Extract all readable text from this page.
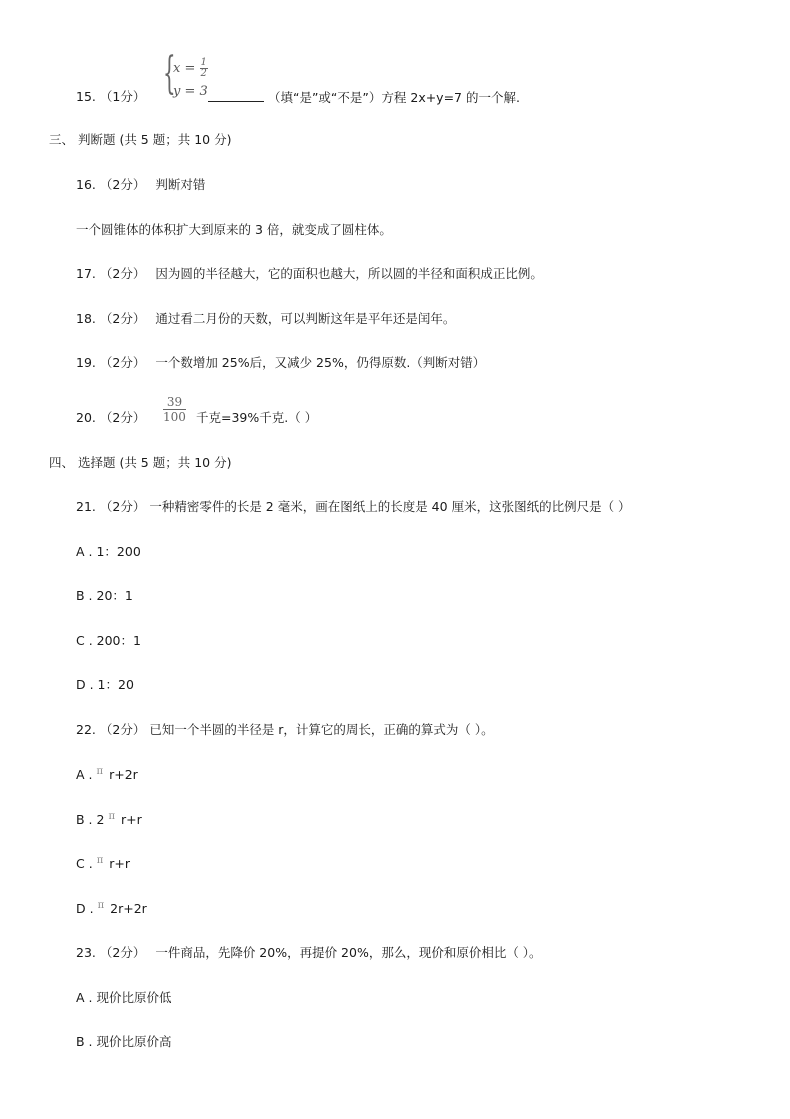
15. （1分） {
$x = \frac{1}{2}$
y = 3	（填“是”或“不是”）方程 2x+y=7 的一个解.
三、 判断题 (共 5 题；共 10 分)
16. （2分） 判断对错
一个圆锥体的体积扩大到原来的 3 倍，就变成了圆柱体。
17. （2分） 因为圆的半径越大，它的面积也越大，所以圆的半径和面积成正比例。
18. （2分） 通过看二月份的天数，可以判断这年是平年还是闰年。
19. （2分） 一个数增加 25%后，又减少 25%，仍得原数.（判断对错）
20. （2分）
39
100 千克=39%千克.（ ）
四、 选择题 (共 5 题；共 10 分)
21. （2分） 一种精密零件的长是 2 毫米，画在图纸上的长度是 40 厘米，这张图纸的比例尺是（ ）
A . 1：200
B . 20：1
C . 200：1
D . 1：20
22. （2分） 已知一个半圆的半径是 r，计算它的周长，正确的算式为（ ）。
A . $^\pi$ r+2r
B . 2 $^\pi$ r+r
C . $^\pi$ r+r
D . $^\pi$ 2r+2r
23. （2分） 一件商品，先降价 20%，再提价 20%，那么，现价和原价相比（ ）。
A . 现价比原价低
B . 现价比原价高
